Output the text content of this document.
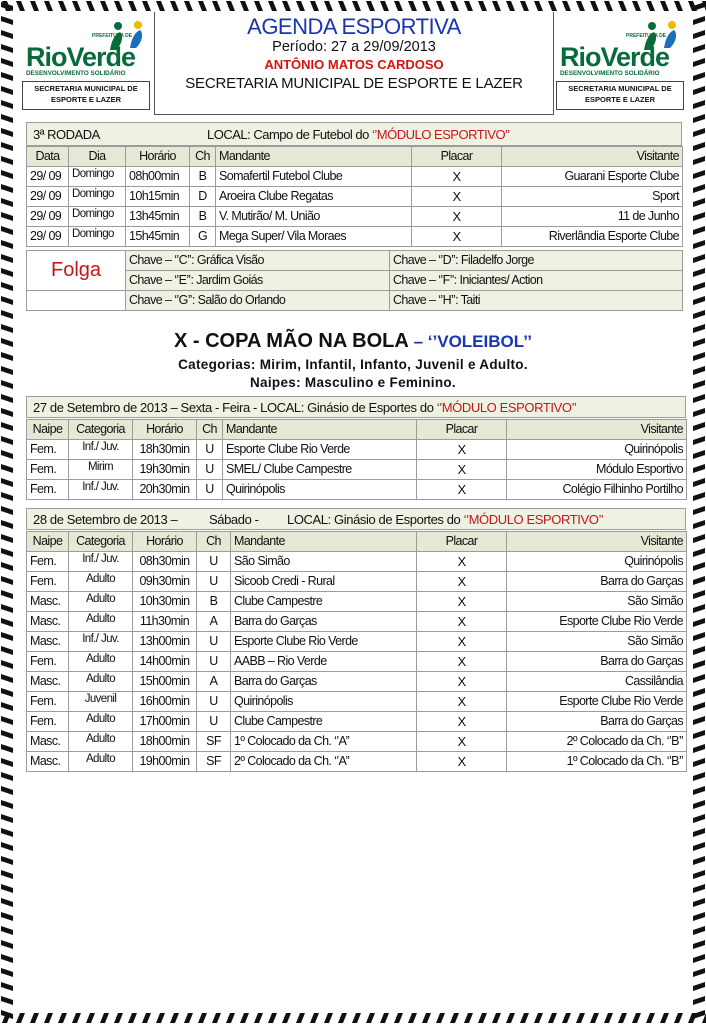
PREFEITURA DE
RioVerde
DESENVOLVIMENTO SOLIDÁRIO
SECRETARIA MUNICIPAL DE
ESPORTE E LAZER
AGENDA ESPORTIVA
Período: 27 a 29/09/2013
ANTÔNIO MATOS CARDOSO
SECRETARIA MUNICIPAL DE ESPORTE E LAZER
PREFEITURA DE
RioVerde
DESENVOLVIMENTO SOLIDÁRIO
SECRETARIA MUNICIPAL DE
ESPORTE E LAZER
3ª RODADA	LOCAL: Campo de Futebol do ‘’MÓDULO ESPORTIVO’’
Data	Dia	Horário	Ch	Mandante	Placar	Visitante
29/ 09	Domingo	08h00min	B	Somafertil Futebol Clube	X	Guarani Esporte Clube
29/ 09	Domingo	10h15min	D	Aroeira Clube Regatas	X	Sport
29/ 09	Domingo	13h45min	B	V. Mutirão/ M. União	X	11 de Junho
29/ 09	Domingo	15h45min	G	Mega Super/ Vila Moraes	X	Riverlândia Esporte Clube
Folga	Chave – ‘’C’’: Gráfica Visão	Chave – ‘’D’’: Filadelfo Jorge
	Chave – ‘’E’’: Jardim Goiás	Chave – ‘’F’’: Iniciantes/ Action
	Chave – ‘’G’’: Salão do Orlando	Chave – ‘’H’’: Taiti
X - COPA MÃO NA BOLA – ‘’VOLEIBOL’’
Categorias: Mirim, Infantil, Infanto, Juvenil e Adulto.
Naipes: Masculino e Feminino.
27 de Setembro de 2013 – Sexta - Feira - LOCAL: Ginásio de Esportes do ‘’MÓDULO ESPORTIVO’’
Naipe	Categoria	Horário	Ch	Mandante	Placar	Visitante
Fem.	Inf./ Juv.	18h30min	U	Esporte Clube Rio Verde	X	Quirinópolis
Fem.	Mirim	19h30min	U	SMEL/ Clube Campestre	X	Módulo Esportivo
Fem.	Inf./ Juv.	20h30min	U	Quirinópolis	X	Colégio Filhinho Portilho
28 de Setembro de 2013 – Sábado - LOCAL: Ginásio de Esportes do ‘’MÓDULO ESPORTIVO’’
Naipe	Categoria	Horário	Ch	Mandante	Placar	Visitante
Fem.	Inf./ Juv.	08h30min	U	São Simão	X	Quirinópolis
Fem.	Adulto	09h30min	U	Sicoob Credi - Rural	X	Barra do Garças
Masc.	Adulto	10h30min	B	Clube Campestre	X	São Simão
Masc.	Adulto	11h30min	A	Barra do Garças	X	Esporte Clube Rio Verde
Masc.	Inf./ Juv.	13h00min	U	Esporte Clube Rio Verde	X	São Simão
Fem.	Adulto	14h00min	U	AABB – Rio Verde	X	Barra do Garças
Masc.	Adulto	15h00min	A	Barra do Garças	X	Cassilândia
Fem.	Juvenil	16h00min	U	Quirinópolis	X	Esporte Clube Rio Verde
Fem.	Adulto	17h00min	U	Clube Campestre	X	Barra do Garças
Masc.	Adulto	18h00min	SF	1º Colocado da Ch. ‘’A’’	X	2º Colocado da Ch. ‘’B’’
Masc.	Adulto	19h00min	SF	2º Colocado da Ch. ‘’A’’	X	1º Colocado da Ch. ‘’B’’
